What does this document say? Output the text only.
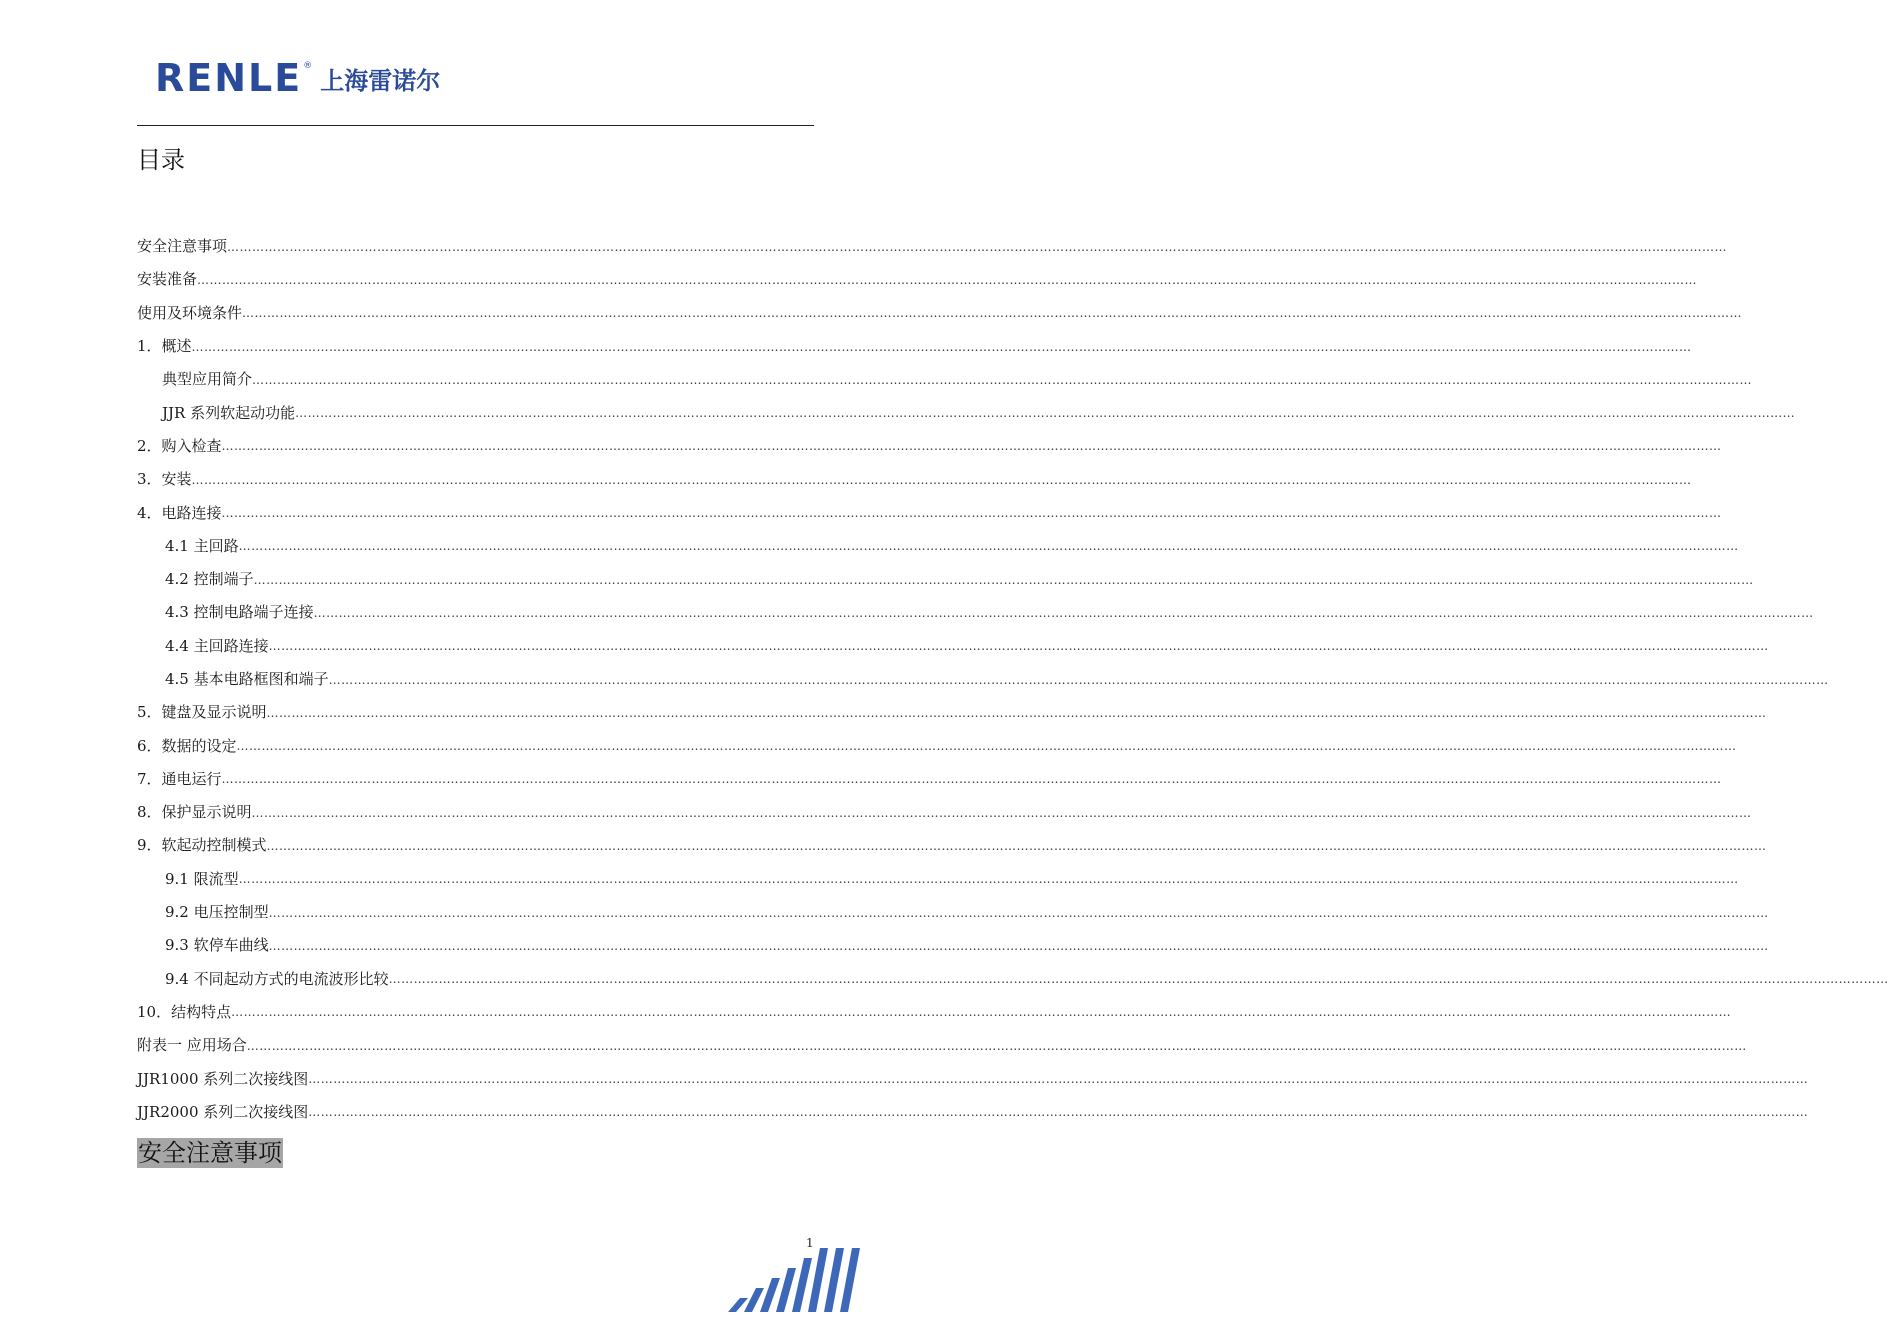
RENLE ®
上海雷诺尔
目录
安全注意事项 ………………………………………………………………………………………………………………………………………………………………………………………………………………………………………………………………………………………………………………………………
安装准备 ………………………………………………………………………………………………………………………………………………………………………………………………………………………………………………………………………………………………………………………………
使用及环境条件 ………………………………………………………………………………………………………………………………………………………………………………………………………………………………………………………………………………………………………………………………
1．概述 ………………………………………………………………………………………………………………………………………………………………………………………………………………………………………………………………………………………………………………………………
典型应用简介 ………………………………………………………………………………………………………………………………………………………………………………………………………………………………………………………………………………………………………………………………
JJR 系列软起动功能 ………………………………………………………………………………………………………………………………………………………………………………………………………………………………………………………………………………………………………………………………
2．购入检查 ………………………………………………………………………………………………………………………………………………………………………………………………………………………………………………………………………………………………………………………………
3．安装 ………………………………………………………………………………………………………………………………………………………………………………………………………………………………………………………………………………………………………………………………
4．电路连接 ………………………………………………………………………………………………………………………………………………………………………………………………………………………………………………………………………………………………………………………………
4.1 主回路 ………………………………………………………………………………………………………………………………………………………………………………………………………………………………………………………………………………………………………………………………
4.2 控制端子 ………………………………………………………………………………………………………………………………………………………………………………………………………………………………………………………………………………………………………………………………
4.3 控制电路端子连接 ………………………………………………………………………………………………………………………………………………………………………………………………………………………………………………………………………………………………………………………………
4.4 主回路连接 ………………………………………………………………………………………………………………………………………………………………………………………………………………………………………………………………………………………………………………………………
4.5 基本电路框图和端子 ………………………………………………………………………………………………………………………………………………………………………………………………………………………………………………………………………………………………………………………………
5．键盘及显示说明 ………………………………………………………………………………………………………………………………………………………………………………………………………………………………………………………………………………………………………………………………
6．数据的设定 ………………………………………………………………………………………………………………………………………………………………………………………………………………………………………………………………………………………………………………………………
7．通电运行 ………………………………………………………………………………………………………………………………………………………………………………………………………………………………………………………………………………………………………………………………
8．保护显示说明 ………………………………………………………………………………………………………………………………………………………………………………………………………………………………………………………………………………………………………………………………
9．软起动控制模式 ………………………………………………………………………………………………………………………………………………………………………………………………………………………………………………………………………………………………………………………………
9.1 限流型 ………………………………………………………………………………………………………………………………………………………………………………………………………………………………………………………………………………………………………………………………
9.2 电压控制型 ………………………………………………………………………………………………………………………………………………………………………………………………………………………………………………………………………………………………………………………………
9.3 软停车曲线 ………………………………………………………………………………………………………………………………………………………………………………………………………………………………………………………………………………………………………………………………
9.4 不同起动方式的电流波形比较 ………………………………………………………………………………………………………………………………………………………………………………………………………………………………………………………………………………………………………………………………
10．结构特点 ………………………………………………………………………………………………………………………………………………………………………………………………………………………………………………………………………………………………………………………………
附表一 应用场合 ………………………………………………………………………………………………………………………………………………………………………………………………………………………………………………………………………………………………………………………………
JJR1000 系列二次接线图 ………………………………………………………………………………………………………………………………………………………………………………………………………………………………………………………………………………………………………………………………
JJR2000 系列二次接线图 ………………………………………………………………………………………………………………………………………………………………………………………………………………………………………………………………………………………………………………………………
安全注意事项
1
